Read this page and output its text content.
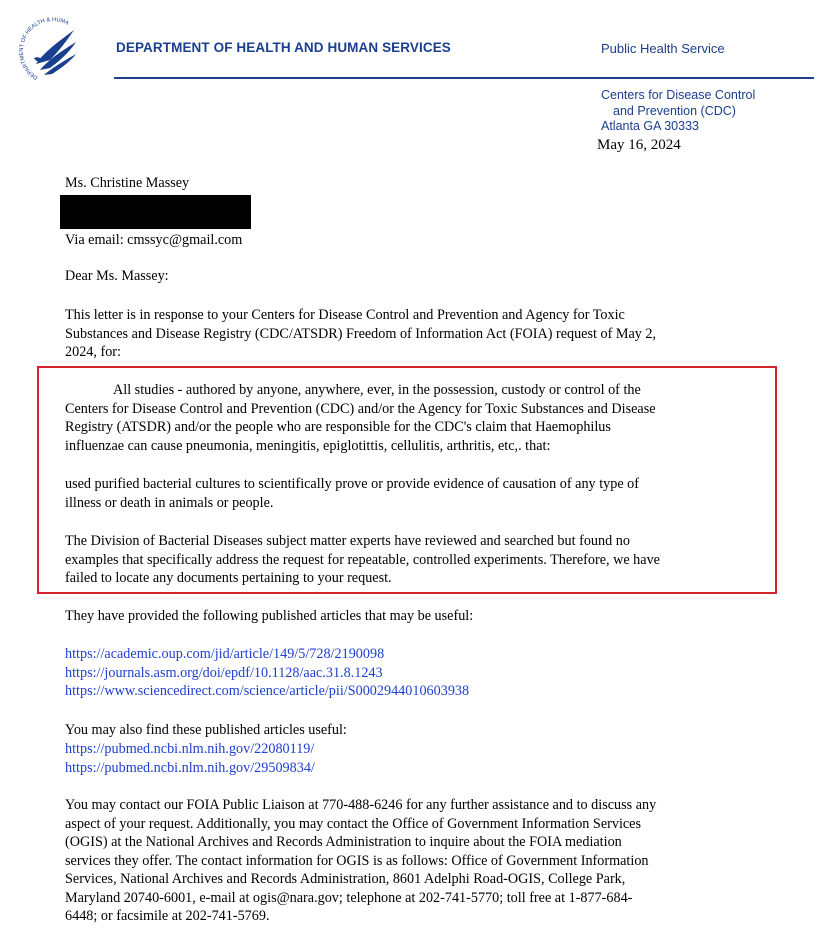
DEPARTMENT OF HEALTH & HUMAN
DEPARTMENT OF HEALTH AND HUMAN SERVICES	Public Health Service
Centers for Disease Control
and Prevention (CDC)
Atlanta GA 30333
May 16, 2024
Ms. Christine Massey
Via email: cmssyc@gmail.com
Dear Ms. Massey:
This letter is in response to your Centers for Disease Control and Prevention and Agency for Toxic
Substances and Disease Registry (CDC/ATSDR) Freedom of Information Act (FOIA) request of May 2,
2024, for:
All studies - authored by anyone, anywhere, ever, in the possession, custody or control of the
Centers for Disease Control and Prevention (CDC) and/or the Agency for Toxic Substances and Disease
Registry (ATSDR) and/or the people who are responsible for the CDC's claim that Haemophilus
influenzae can cause pneumonia, meningitis, epiglotittis, cellulitis, arthritis, etc,. that:
used purified bacterial cultures to scientifically prove or provide evidence of causation of any type of
illness or death in animals or people.
The Division of Bacterial Diseases subject matter experts have reviewed and searched but found no
examples that specifically address the request for repeatable, controlled experiments. Therefore, we have
failed to locate any documents pertaining to your request.
They have provided the following published articles that may be useful:
https://academic.oup.com/jid/article/149/5/728/2190098
https://journals.asm.org/doi/epdf/10.1128/aac.31.8.1243
https://www.sciencedirect.com/science/article/pii/S0002944010603938
You may also find these published articles useful:
https://pubmed.ncbi.nlm.nih.gov/22080119/
https://pubmed.ncbi.nlm.nih.gov/29509834/
You may contact our FOIA Public Liaison at 770-488-6246 for any further assistance and to discuss any
aspect of your request. Additionally, you may contact the Office of Government Information Services
(OGIS) at the National Archives and Records Administration to inquire about the FOIA mediation
services they offer. The contact information for OGIS is as follows: Office of Government Information
Services, National Archives and Records Administration, 8601 Adelphi Road-OGIS, College Park,
Maryland 20740-6001, e-mail at ogis@nara.gov; telephone at 202-741-5770; toll free at 1-877-684-
6448; or facsimile at 202-741-5769.
